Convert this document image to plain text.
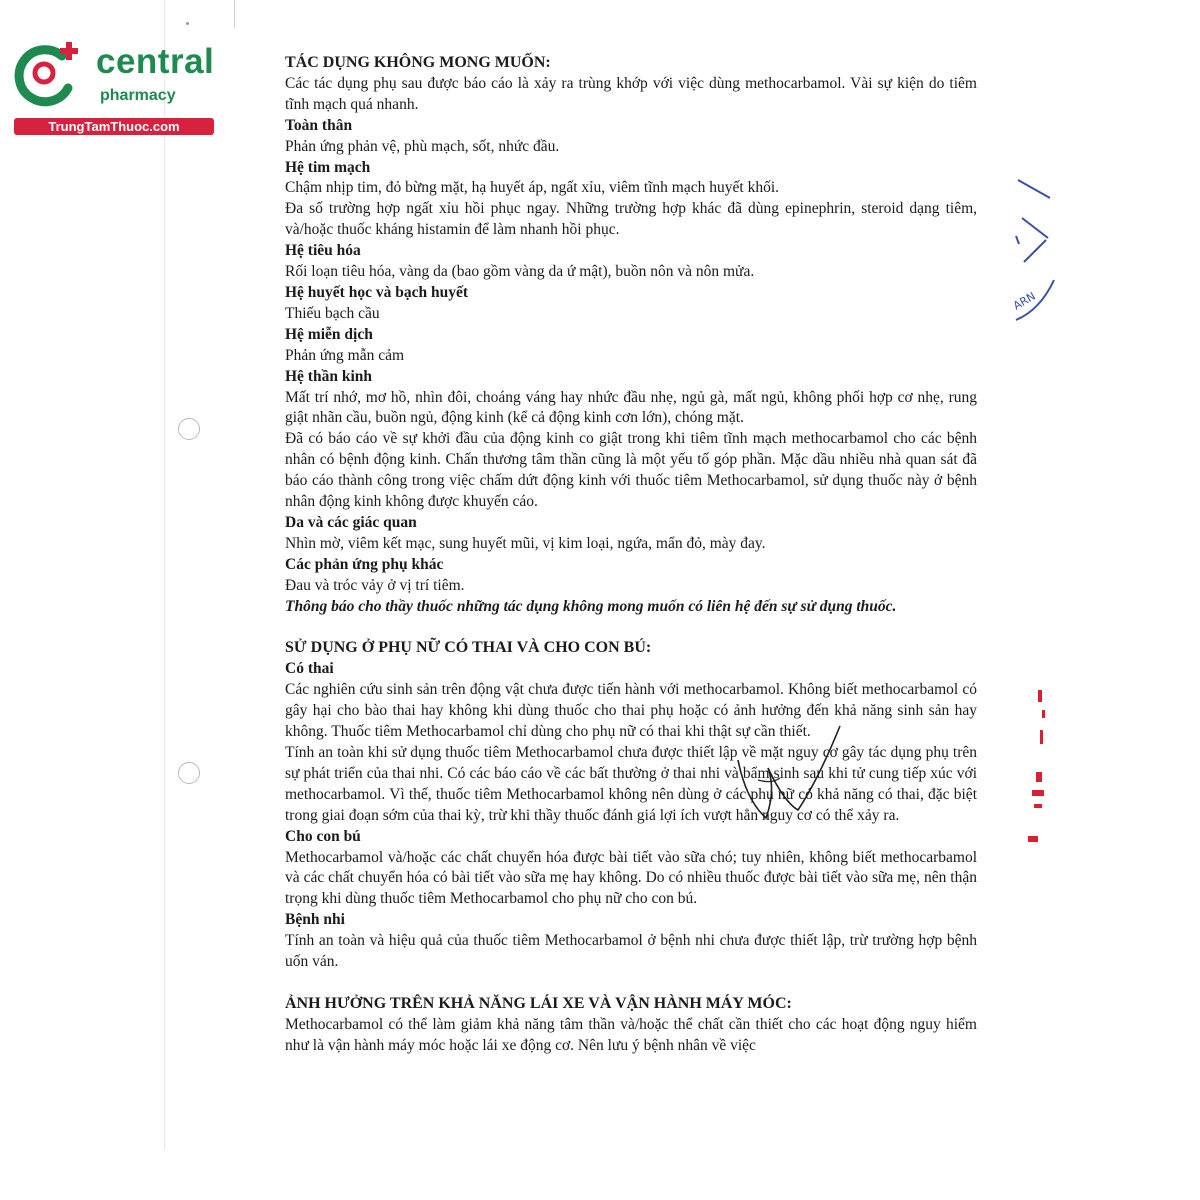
central
pharmacy
TrungTamThuoc.com
ARN

TÁC DỤNG KHÔNG MONG MUỐN:

Các tác dụng phụ sau được báo cáo là xảy ra trùng khớp với việc dùng methocarbamol. Vài sự kiện do tiêm tĩnh mạch quá nhanh.

Toàn thân

Phản ứng phản vệ, phù mạch, sốt, nhức đầu.

Hệ tim mạch

Chậm nhịp tim, đỏ bừng mặt, hạ huyết áp, ngất xỉu, viêm tĩnh mạch huyết khối.

Đa số trường hợp ngất xỉu hồi phục ngay. Những trường hợp khác đã dùng epinephrin, steroid dạng tiêm, và/hoặc thuốc kháng histamin để làm nhanh hồi phục.

Hệ tiêu hóa

Rối loạn tiêu hóa, vàng da (bao gồm vàng da ứ mật), buồn nôn và nôn mửa.

Hệ huyết học và bạch huyết

Thiếu bạch cầu

Hệ miễn dịch

Phản ứng mẫn cảm

Hệ thần kinh

Mất trí nhớ, mơ hồ, nhìn đôi, choáng váng hay nhức đầu nhẹ, ngủ gà, mất ngủ, không phối hợp cơ nhẹ, rung giật nhãn cầu, buồn ngủ, động kinh (kể cả động kinh cơn lớn), chóng mặt.

Đã có báo cáo về sự khởi đầu của động kinh co giật trong khi tiêm tĩnh mạch methocarbamol cho các bệnh nhân có bệnh động kinh. Chấn thương tâm thần cũng là một yếu tố góp phần. Mặc dầu nhiều nhà quan sát đã báo cáo thành công trong việc chấm dứt động kinh với thuốc tiêm Methocarbamol, sử dụng thuốc này ở bệnh nhân động kinh không được khuyến cáo.

Da và các giác quan

Nhìn mờ, viêm kết mạc, sung huyết mũi, vị kim loại, ngứa, mẩn đỏ, mày đay.

Các phản ứng phụ khác

Đau và tróc vảy ở vị trí tiêm.

Thông báo cho thầy thuốc những tác dụng không mong muốn có liên hệ đến sự sử dụng thuốc.

SỬ DỤNG Ở PHỤ NỮ CÓ THAI VÀ CHO CON BÚ:

Có thai

Các nghiên cứu sinh sản trên động vật chưa được tiến hành với methocarbamol. Không biết methocarbamol có gây hại cho bào thai hay không khi dùng thuốc cho thai phụ hoặc có ảnh hưởng đến khả năng sinh sản hay không. Thuốc tiêm Methocarbamol chỉ dùng cho phụ nữ có thai khi thật sự cần thiết.

Tính an toàn khi sử dụng thuốc tiêm Methocarbamol chưa được thiết lập về mặt nguy cơ gây tác dụng phụ trên sự phát triển của thai nhi. Có các báo cáo về các bất thường ở thai nhi và bẩm sinh sau khi tử cung tiếp xúc với methocarbamol. Vì thế, thuốc tiêm Methocarbamol không nên dùng ở các phụ nữ có khả năng có thai, đặc biệt trong giai đoạn sớm của thai kỳ, trừ khi thầy thuốc đánh giá lợi ích vượt hẳn nguy cơ có thể xảy ra.

Cho con bú

Methocarbamol và/hoặc các chất chuyển hóa được bài tiết vào sữa chó; tuy nhiên, không biết methocarbamol và các chất chuyển hóa có bài tiết vào sữa mẹ hay không. Do có nhiều thuốc được bài tiết vào sữa mẹ, nên thận trọng khi dùng thuốc tiêm Methocarbamol cho phụ nữ cho con bú.

Bệnh nhi

Tính an toàn và hiệu quả của thuốc tiêm Methocarbamol ở bệnh nhi chưa được thiết lập, trừ trường hợp bệnh uốn ván.

ẢNH HƯỞNG TRÊN KHẢ NĂNG LÁI XE VÀ VẬN HÀNH MÁY MÓC:

Methocarbamol có thể làm giảm khả năng tâm thần và/hoặc thể chất cần thiết cho các hoạt động nguy hiểm như là vận hành máy móc hoặc lái xe động cơ. Nên lưu ý bệnh nhân về việc
